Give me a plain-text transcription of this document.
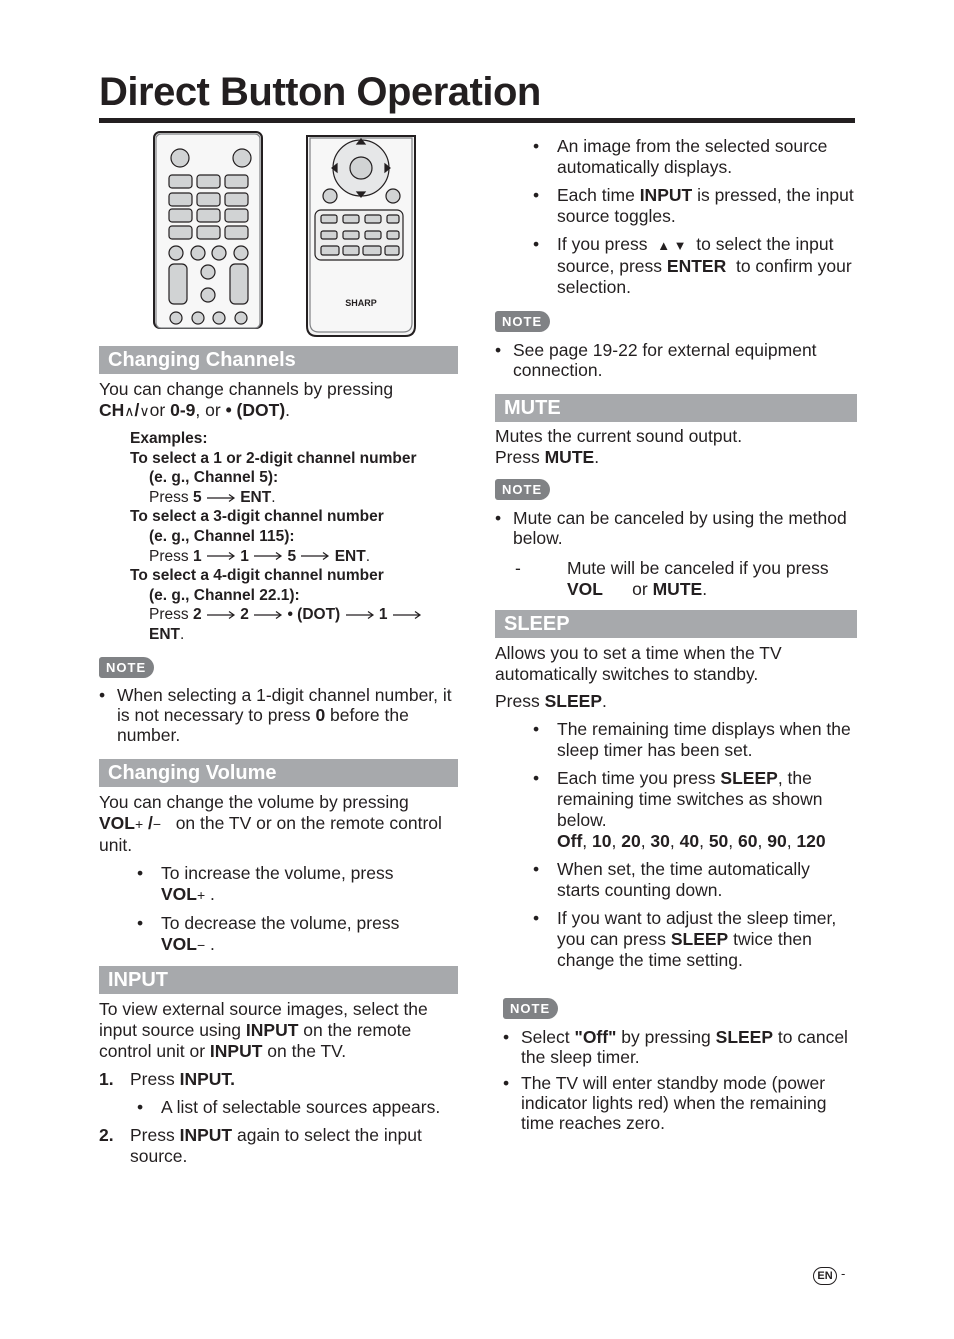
Direct Button Operation
SHARP
Changing Channels

You can change channels by pressing
CH∧/∨or 0-9, or • (DOT).

Examples:
To select a 1 or 2-digit channel number
(e. g., Channel 5):
Press 5 ENT.
To select a 3-digit channel number
(e. g., Channel 115):
Press 1 1 5 ENT.
To select a 4-digit channel number
(e. g., Channel 22.1):
Press 2 2 • (DOT) 1
ENT.
NOTE
• When selecting a 1-digit channel number, it is not necessary to press 0 before the number.
Changing Volume

You can change the volume by pressing
VOL+ /− on the TV or on the remote control unit.

• To increase the volume, press
VOL+ .
• To decrease the volume, press
VOL− .
INPUT

To view external source images, select the input source using INPUT on the remote control unit or INPUT on the TV.

1. Press INPUT.
• A list of selectable sources appears.
2. Press INPUT again to select the input source.
• An image from the selected source automatically displays.
• Each time INPUT is pressed, the input source toggles.
• If you press ▲ ▼ to select the input source, press ENTER to confirm your selection.
NOTE
• See page 19-22 for external equipment connection.
MUTE

Mutes the current sound output.
Press MUTE.

NOTE
• Mute can be canceled by using the method below.
-	Mute will be canceled if you press
VOL or MUTE.
SLEEP

Allows you to set a time when the TV automatically switches to standby.

Press SLEEP.

• The remaining time displays when the sleep timer has been set.
• Each time you press SLEEP, the remaining time switches as shown below.
Off, 10, 20, 30, 40, 50, 60, 90, 120
• When set, the time automatically starts counting down.
• If you want to adjust the sleep timer, you can press SLEEP twice then change the time setting.
NOTE
• Select "Off" by pressing SLEEP to cancel the sleep timer.
• The TV will enter standby mode (power indicator lights red) when the remaining time reaches zero.
EN -
